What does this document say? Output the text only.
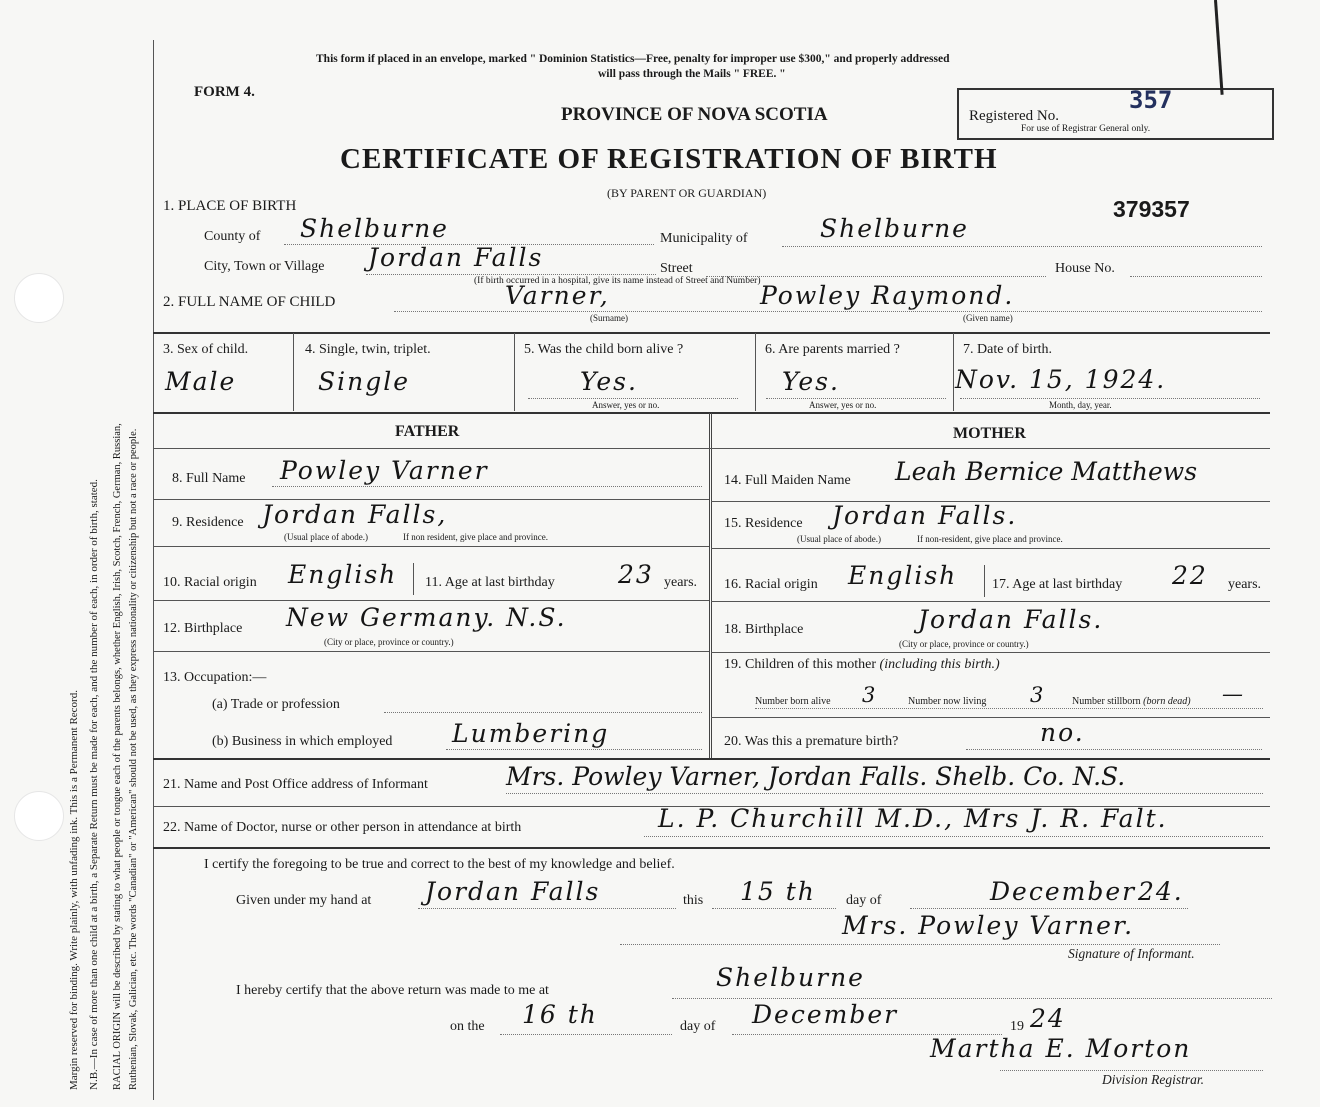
Margin reserved for binding. Write plainly, with unfading ink. This is a Permanent Record. N.B.—In case of more than one child at a birth, a Separate Return must be made for each, and the number of each, in order of birth, stated. RACIAL ORIGIN will be described by stating to what people or tongue each of the parents belongs, whether English, Irish, Scotch, French, German, Russian, Ruthenian, Slovak, Galician, etc. The words "Canadian" or "American" should not be used, as they express nationality or citizenship but not a race or people.
This form if placed in an envelope, marked " Dominion Statistics—Free, penalty for improper use $300," and properly addressed
will pass through the Mails " FREE. "
FORM 4.
PROVINCE OF NOVA SCOTIA
CERTIFICATE OF REGISTRATION OF BIRTH
(BY PARENT OR GUARDIAN)
Registered No.
357
For use of Registrar General only.
379357
1. PLACE OF BIRTH
County of Shelburne	Municipality of	Shelburne
City, Town or Village Jordan Falls	Street	House No.
(If birth occurred in a hospital, give its name instead of Street and Number)
2. FULL NAME OF CHILD	Varner,	Powley Raymond.
(Surname)	(Given name)
3. Sex of child.
Male
4. Single, twin, triplet.
Single
5. Was the child born alive ?
Yes.
Answer, yes or no.
6. Are parents married ?
Yes.
Answer, yes or no.
7. Date of birth.
Nov. 15, 1924.
Month, day, year.
FATHER	MOTHER
8. Full Name Powley Varner
9. Residence Jordan Falls,
(Usual place of abode.)	If non resident, give place and province.
10. Racial origin English 11. Age at last birthday	23 years.
12. Birthplace New Germany. N.S.
(City or place, province or country.)
13. Occupation:—
(a) Trade or profession
(b) Business in which employed Lumbering
14. Full Maiden Name Leah Bernice Matthews
15. Residence Jordan Falls.
(Usual place of abode.)	If non-resident, give place and province.
16. Racial origin English 17. Age at last birthday 22 years.
18. Birthplace	Jordan Falls.
(City or place, province or country.)
19. Children of this mother (including this birth.)
Number born alive 3	Number now living 3	Number stillborn (born dead) —
20. Was this a premature birth?	no.
21. Name and Post Office address of Informant	Mrs. Powley Varner, Jordan Falls. Shelb. Co. N.S.
22. Name of Doctor, nurse or other person in attendance at birth	L. P. Churchill M.D., Mrs J. R. Falt.
I certify the foregoing to be true and correct to the best of my knowledge and belief.
Given under my hand at Jordan Falls	this 15 th day of	December 24.
Mrs. Powley Varner.
Signature of Informant.
I hereby certify that the above return was made to me at	Shelburne
on the 16 th	day of December	19 24
Martha E. Morton
Division Registrar.
